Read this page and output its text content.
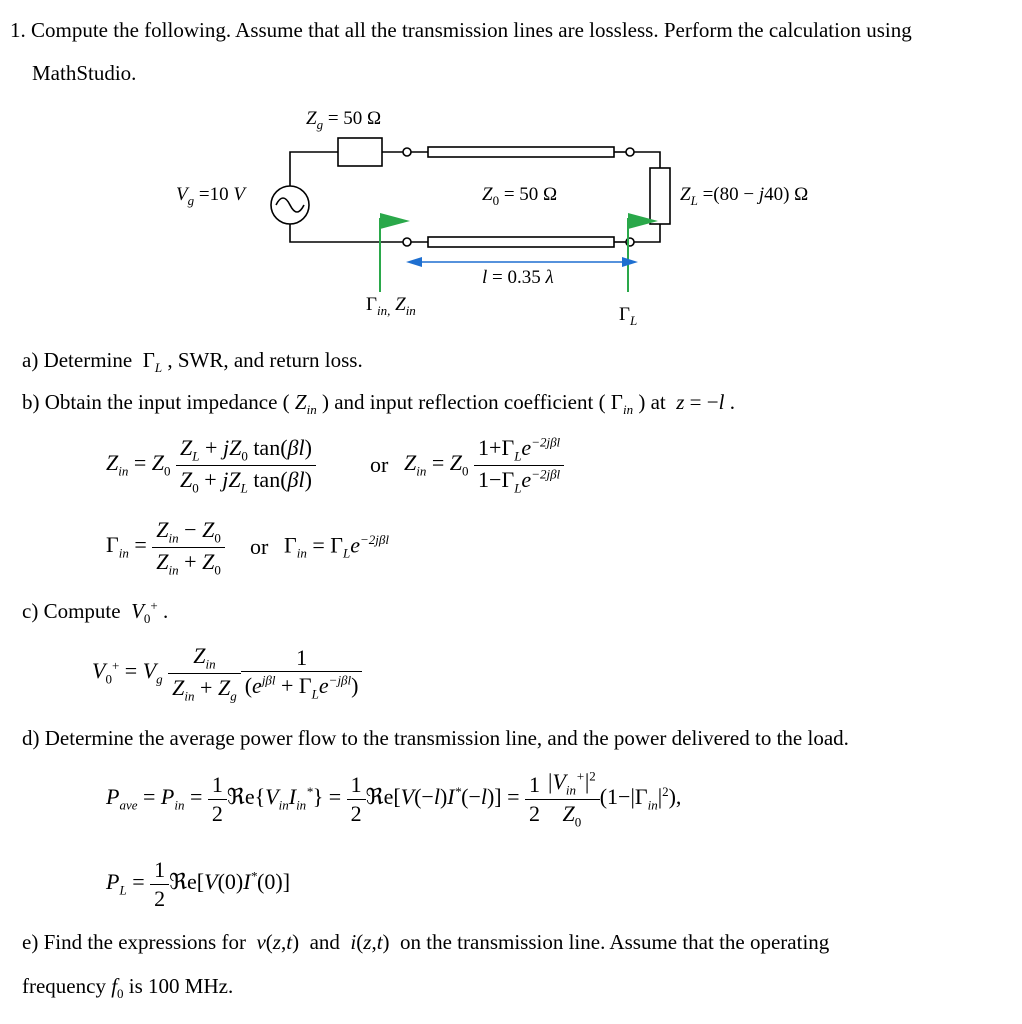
1. Compute the following. Assume that all the transmission lines are lossless. Perform the calculation using
MathStudio.
$Z_g = 50$ Ω
$V_g =10$ V	$Z_0 = 50$ Ω	$Z_L =(80 - j40)$ Ω
l = 0.35 λ
$\Gamma_{in,}$ $Z_{in}$	$\Gamma_L$
a) Determine  $\Gamma_L$ , SWR, and return loss.
b) Obtain the input impedance ( $Z_{in}$ ) and input reflection coefficient ( $\Gamma_{in}$ ) at  z = −l .
$Z_{in} = Z_0 \frac{Z_L + jZ_0 \tan(\beta l)}{Z_0 + jZ_L \tan(\beta l)}$ or $Z_{in} = Z_0 \frac{1+\Gamma_Le^{-2j\beta l}}{1-\Gamma_Le^{-2j\beta l}}$
$\Gamma_{in} = \frac{Z_{in} - Z_0}{Z_{in} + Z_0}$ or $\Gamma_{in} = \Gamma_Le^{-2j\beta l}$
c) Compute  $V_0^+$ .
$V_0^+ = V_g \frac{Z_{in}}{Z_{in} + Z_g} \frac{1}{(e^{j\beta l} + \Gamma_Le^{-j\beta l})}$
d) Determine the average power flow to the transmission line, and the power delivered to the load.
$P_{ave} = P_{in} = \frac{1}{2}$ $ℜe\{V_{in}I_{in}^*\} = \frac{1}{2}$ ℜe[V(−l)I*(−l)] = $\frac{1}{2} \frac{|V_{in}^+|^2}{Z_0} (1-|\Gamma_{in}|^2)$,
$P_L = \frac{1}{2}$ ℜe[V(0)I*(0)]
e) Find the expressions for  v(z,t)  and  i(z,t)  on the transmission line. Assume that the operating
frequency $f_0$ is 100 MHz.
